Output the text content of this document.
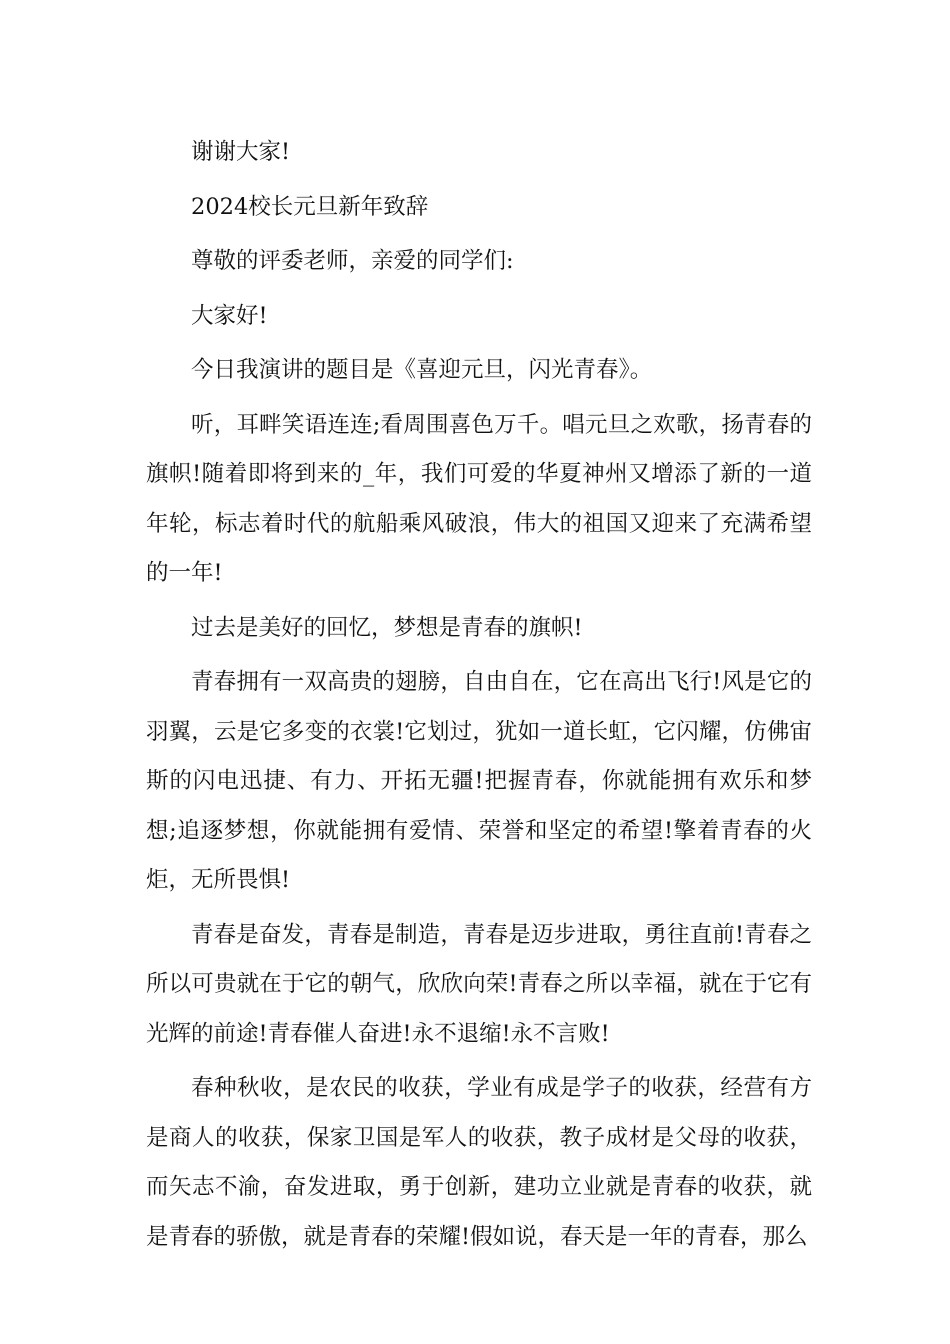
谢谢大家!

2024校长元旦新年致辞

尊敬的评委老师，亲爱的同学们:

大家好!

今日我演讲的题目是《喜迎元旦，闪光青春》。

听，耳畔笑语连连;看周围喜色万千。唱元旦之欢歌，扬青春的旗帜!随着即将到来的_年，我们可爱的华夏神州又增添了新的一道年轮，标志着时代的航船乘风破浪，伟大的祖国又迎来了充满希望的一年!

过去是美好的回忆，梦想是青春的旗帜!

青春拥有一双高贵的翅膀，自由自在，它在高出飞行!风是它的羽翼，云是它多变的衣裳!它划过，犹如一道长虹，它闪耀，仿佛宙斯的闪电迅捷、有力、开拓无疆!把握青春，你就能拥有欢乐和梦想;追逐梦想，你就能拥有爱情、荣誉和坚定的希望!擎着青春的火炬，无所畏惧!

青春是奋发，青春是制造，青春是迈步进取，勇往直前!青春之所以可贵就在于它的朝气，欣欣向荣!青春之所以幸福，就在于它有光辉的前途!青春催人奋进!永不退缩!永不言败!

春种秋收，是农民的收获，学业有成是学子的收获，经营有方是商人的收获，保家卫国是军人的收获，教子成材是父母的收获，而矢志不渝，奋发进取，勇于创新，建功立业就是青春的收获，就是青春的骄傲，就是青春的荣耀!假如说，春天是一年的青春，那么
